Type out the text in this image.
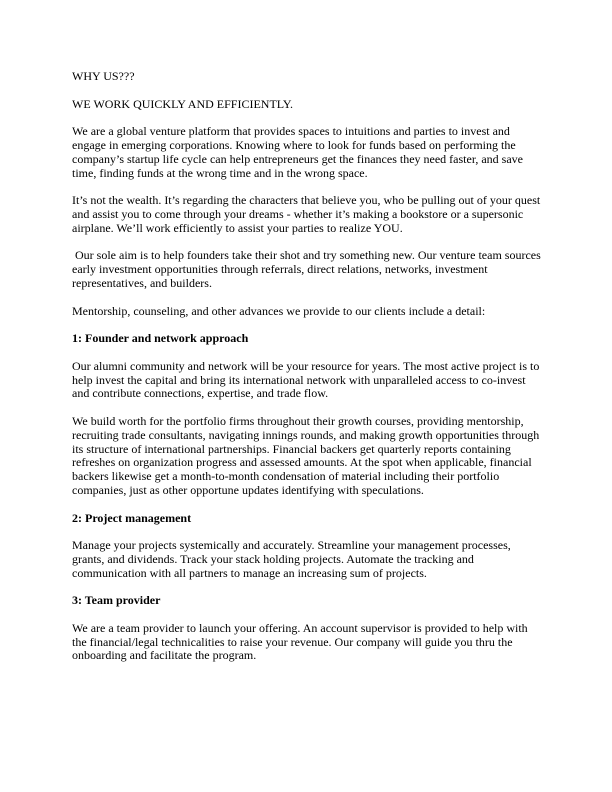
WHY US???

WE WORK QUICKLY AND EFFICIENTLY.

We are a global venture platform that provides spaces to intuitions and parties to invest and engage in emerging corporations. Knowing where to look for funds based on performing the company’s startup life cycle can help entrepreneurs get the finances they need faster, and save time, finding funds at the wrong time and in the wrong space.

It’s not the wealth. It’s regarding the characters that believe you, who be pulling out of your quest and assist you to come through your dreams - whether it’s making a bookstore or a supersonic airplane. We’ll work efficiently to assist your parties to realize YOU.

Our sole aim is to help founders take their shot and try something new. Our venture team sources early investment opportunities through referrals, direct relations, networks, investment representatives, and builders.

Mentorship, counseling, and other advances we provide to our clients include a detail:

1: Founder and network approach

Our alumni community and network will be your resource for years. The most active project is to help invest the capital and bring its international network with unparalleled access to co-invest and contribute connections, expertise, and trade flow.

We build worth for the portfolio firms throughout their growth courses, providing mentorship, recruiting trade consultants, navigating innings rounds, and making growth opportunities through its structure of international partnerships. Financial backers get quarterly reports containing refreshes on organization progress and assessed amounts. At the spot when applicable, financial backers likewise get a month-to-month condensation of material including their portfolio companies, just as other opportune updates identifying with speculations.

2: Project management

Manage your projects systemically and accurately. Streamline your management processes, grants, and dividends. Track your stack holding projects. Automate the tracking and communication with all partners to manage an increasing sum of projects.

3: Team provider

We are a team provider to launch your offering. An account supervisor is provided to help with the financial/legal technicalities to raise your revenue. Our company will guide you thru the onboarding and facilitate the program.
